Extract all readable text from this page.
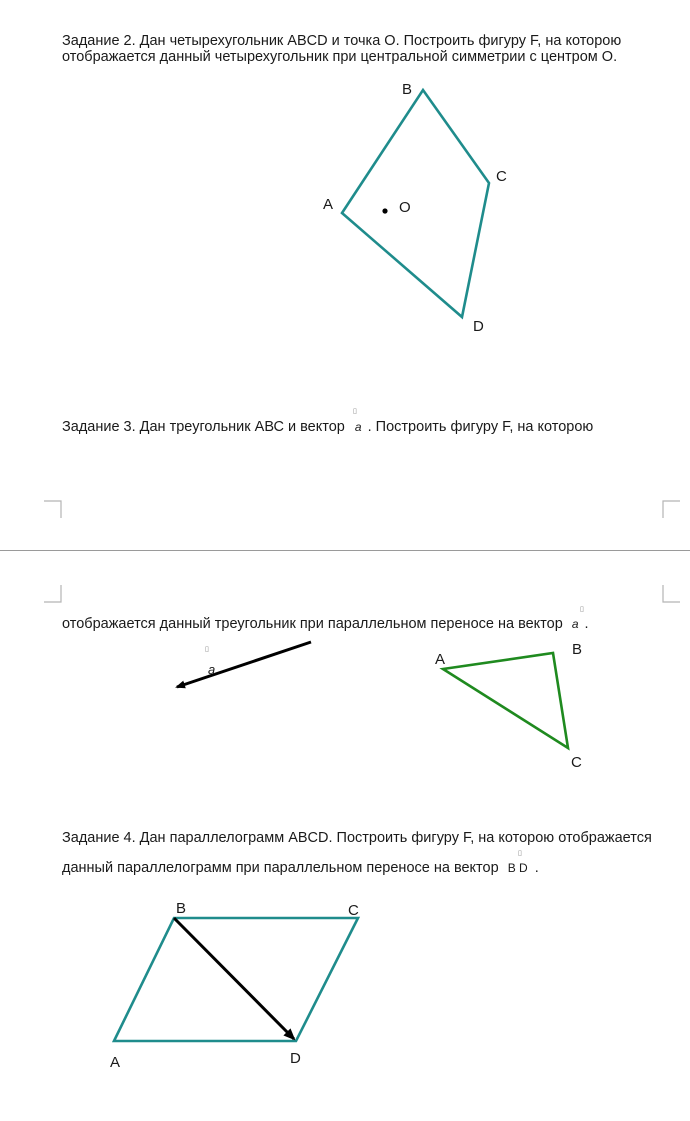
Задание 2. Дан четырехугольник ABCD и точка О. Построить фигуру F, на которою
отображается данный четырехугольник при центральной симметрии с центром О.
A
B
C
D
O
▯
Задание 3. Дан треугольник АВС и вектор a . Построить фигуру F, на которою
▯
отображается данный треугольник при параллельном переносе на вектор a .
▯
a
A
B
C
Задание 4. Дан параллелограмм ABCD. Построить фигуру F, на которою отображается
▯
данный параллелограмм при параллельном переносе на вектор B D .
A
B	C
D
